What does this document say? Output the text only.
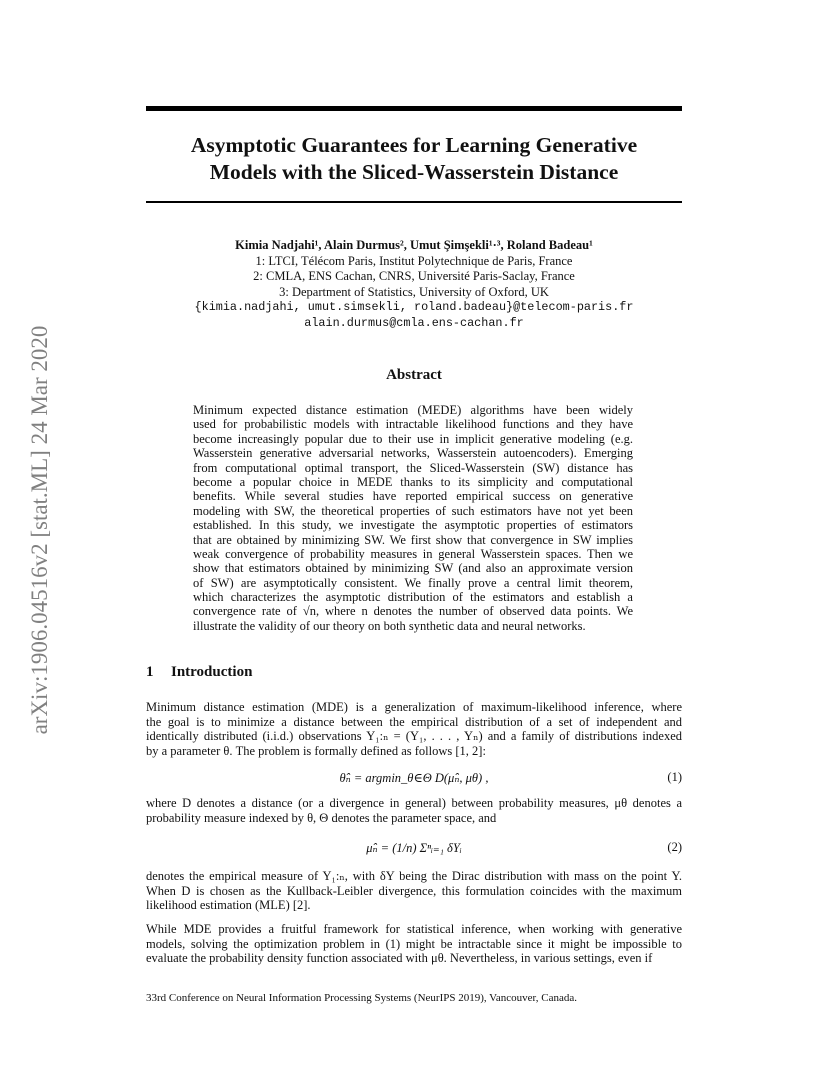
arXiv:1906.04516v2 [stat.ML] 24 Mar 2020
Asymptotic Guarantees for Learning Generative
Models with the Sliced-Wasserstein Distance
Kimia Nadjahi¹, Alain Durmus², Umut Şimşekli¹·³, Roland Badeau¹
1: LTCI, Télécom Paris, Institut Polytechnique de Paris, France
2: CMLA, ENS Cachan, CNRS, Université Paris-Saclay, France
3: Department of Statistics, University of Oxford, UK
{kimia.nadjahi, umut.simsekli, roland.badeau}@telecom-paris.fr
alain.durmus@cmla.ens-cachan.fr
Abstract
Minimum expected distance estimation (MEDE) algorithms have been widely
used for probabilistic models with intractable likelihood functions and they have
become increasingly popular due to their use in implicit generative modeling (e.g.
Wasserstein generative adversarial networks, Wasserstein autoencoders). Emerging
from computational optimal transport, the Sliced-Wasserstein (SW) distance has
become a popular choice in MEDE thanks to its simplicity and computational
benefits. While several studies have reported empirical success on generative
modeling with SW, the theoretical properties of such estimators have not yet been
established. In this study, we investigate the asymptotic properties of estimators
that are obtained by minimizing SW. We first show that convergence in SW implies
weak convergence of probability measures in general Wasserstein spaces. Then we
show that estimators obtained by minimizing SW (and also an approximate version
of SW) are asymptotically consistent. We finally prove a central limit theorem,
which characterizes the asymptotic distribution of the estimators and establish a
convergence rate of √n, where n denotes the number of observed data points. We
illustrate the validity of our theory on both synthetic data and neural networks.
1 Introduction
Minimum distance estimation (MDE) is a generalization of maximum-likelihood inference, where
the goal is to minimize a distance between the empirical distribution of a set of independent and
identically distributed (i.i.d.) observations Y₁:ₙ = (Y₁, . . . , Yₙ) and a family of distributions indexed
by a parameter θ. The problem is formally defined as follows [1, 2]:
θ̂ₙ = argmin_θ∈Θ D(μ̂ₙ, μθ) ,	(1)
where D denotes a distance (or a divergence in general) between probability measures, μθ denotes a
probability measure indexed by θ, Θ denotes the parameter space, and
μ̂ₙ = (1/n) Σⁿᵢ₌₁ δYᵢ	(2)
denotes the empirical measure of Y₁:ₙ, with δY being the Dirac distribution with mass on the point Y.
When D is chosen as the Kullback-Leibler divergence, this formulation coincides with the maximum
likelihood estimation (MLE) [2].
While MDE provides a fruitful framework for statistical inference, when working with generative
models, solving the optimization problem in (1) might be intractable since it might be impossible to
evaluate the probability density function associated with μθ. Nevertheless, in various settings, even if
33rd Conference on Neural Information Processing Systems (NeurIPS 2019), Vancouver, Canada.
